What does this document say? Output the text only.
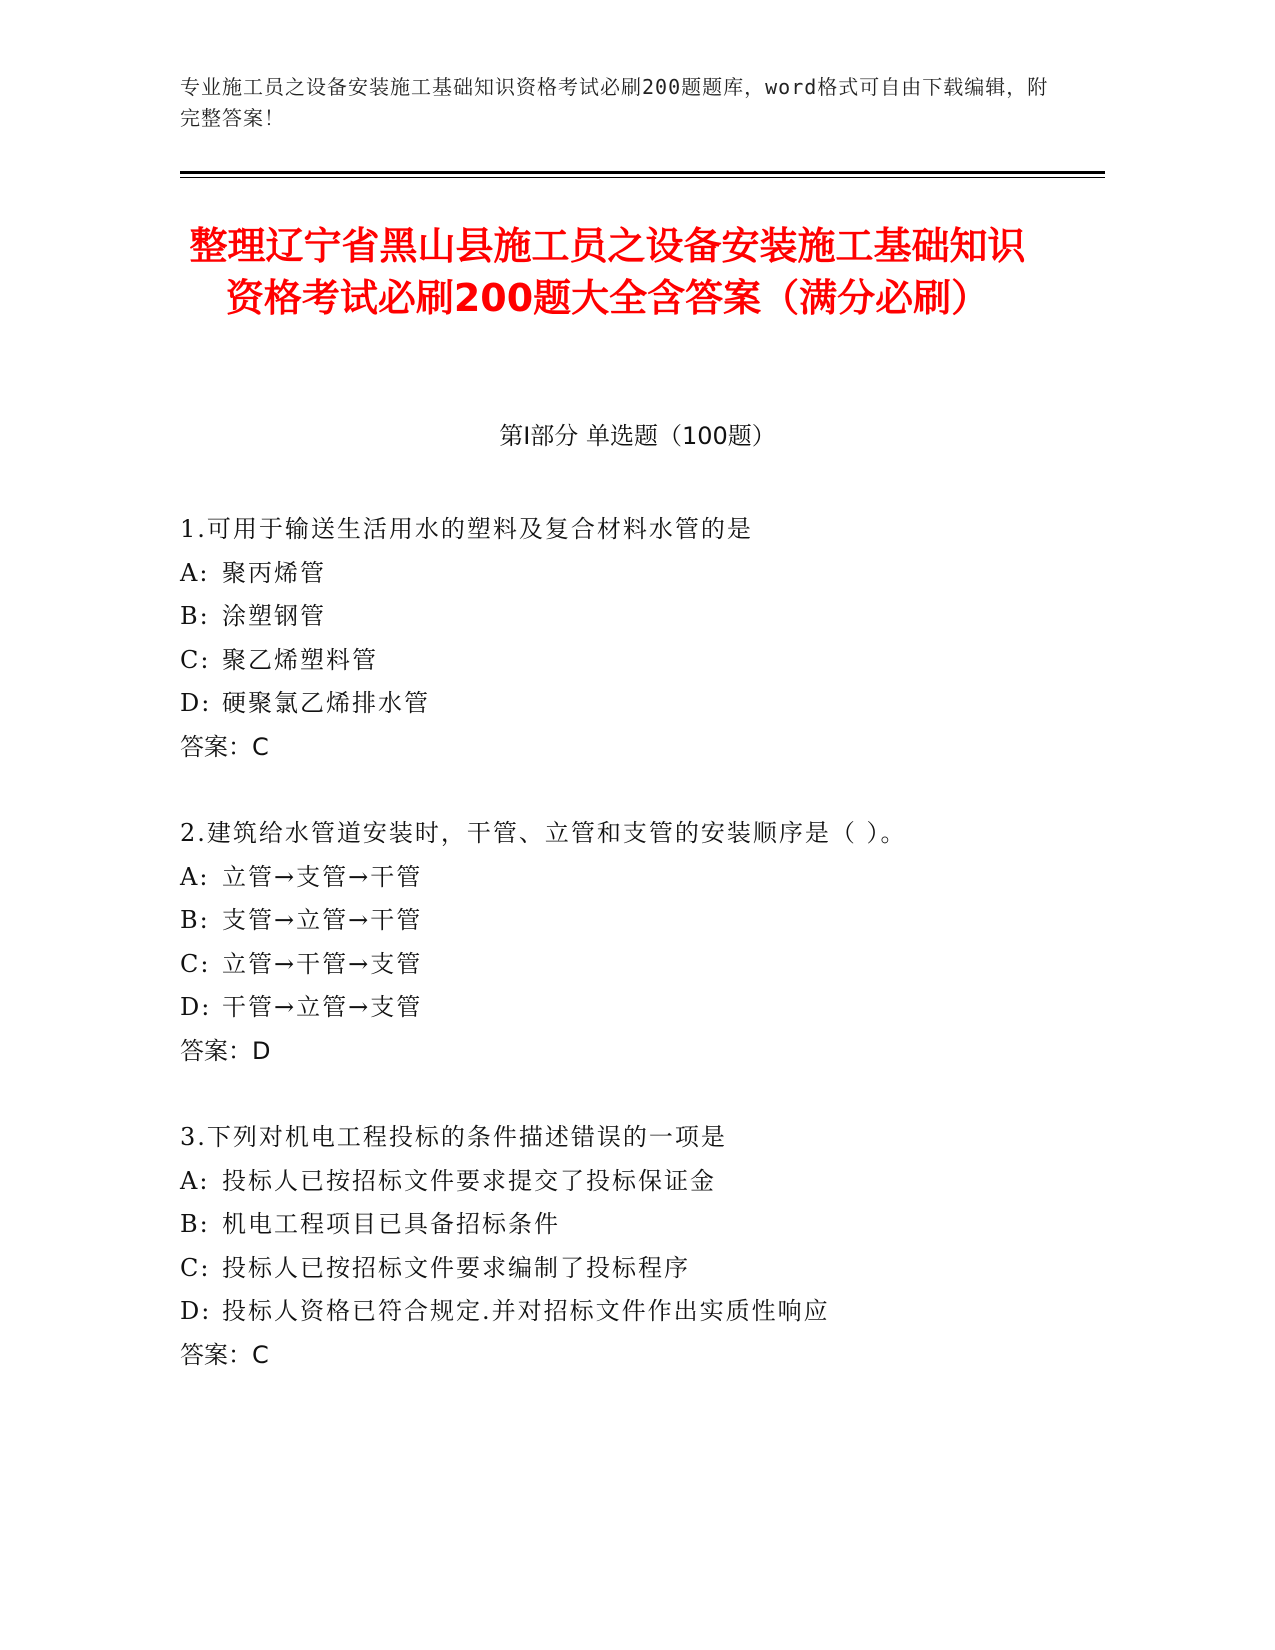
专业施工员之设备安装施工基础知识资格考试必刷200题题库，word格式可自由下载编辑，附完整答案！
整理辽宁省黑山县施工员之设备安装施工基础知识资格考试必刷200题大全含答案（满分必刷）
第Ⅰ部分 单选题（100题）
1.可用于输送生活用水的塑料及复合材料水管的是
A: 聚丙烯管
B: 涂塑钢管
C: 聚乙烯塑料管
D: 硬聚氯乙烯排水管
答案：C
2.建筑给水管道安装时，干管、立管和支管的安装顺序是（ ）。
A: 立管→支管→干管
B: 支管→立管→干管
C: 立管→干管→支管
D: 干管→立管→支管
答案：D
3.下列对机电工程投标的条件描述错误的一项是
A: 投标人已按招标文件要求提交了投标保证金
B: 机电工程项目已具备招标条件
C: 投标人已按招标文件要求编制了投标程序
D: 投标人资格已符合规定.并对招标文件作出实质性响应
答案：C
